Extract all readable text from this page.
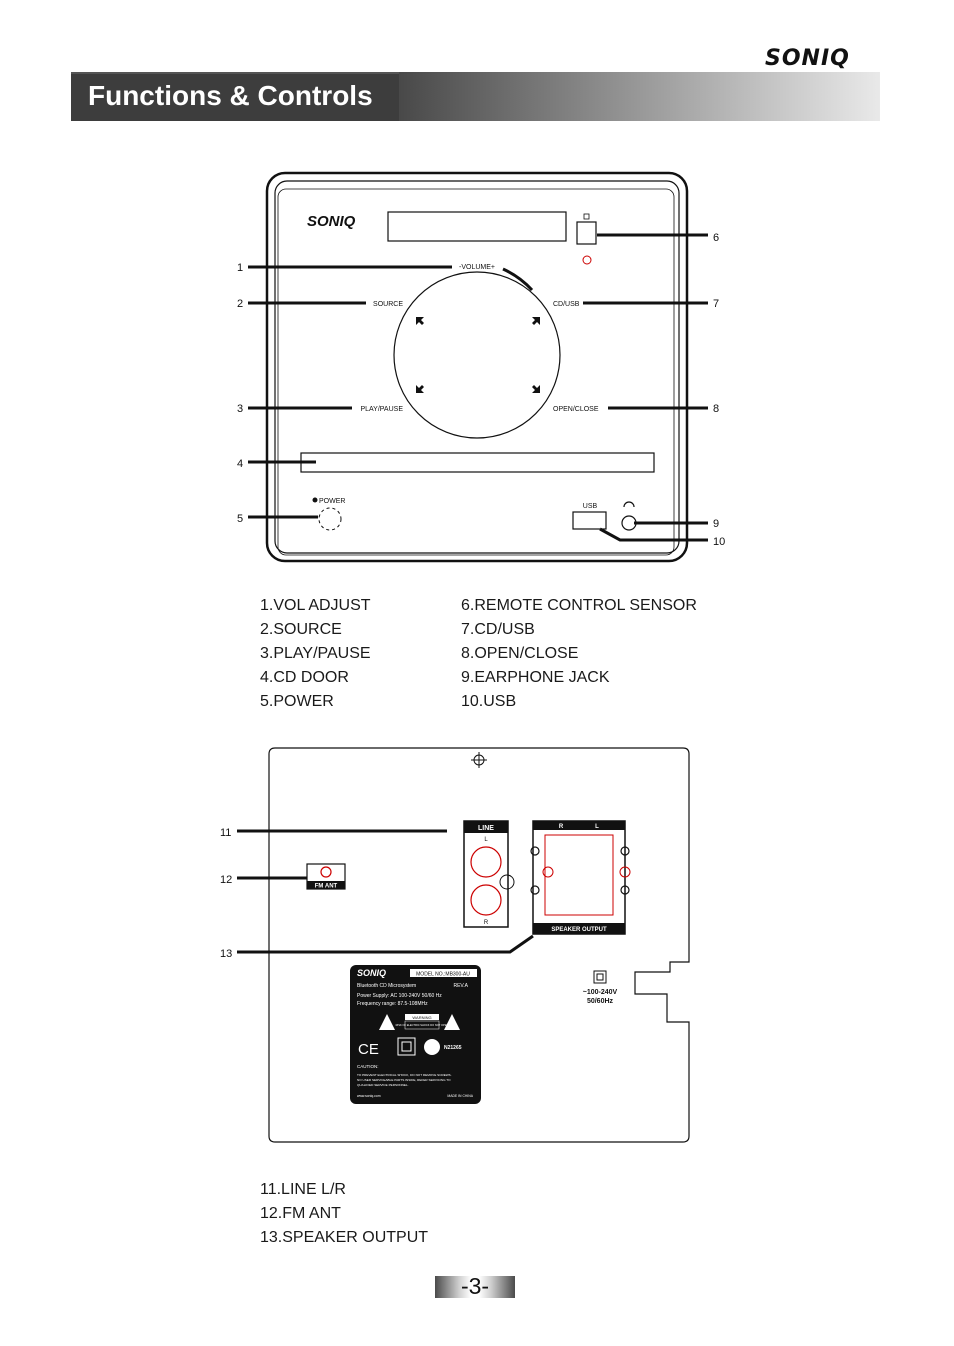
SONIQ
Functions & Controls
SONIQ
-VOLUME+
SOURCE	CD/USB
PLAY/PAUSE	OPEN/CLOSE
POWER
USB
1
2
3
4
5
6
7
8
9
10
1.VOL ADJUST
2.SOURCE
3.PLAY/PAUSE
4.CD DOOR
5.POWER
6.REMOTE CONTROL SENSOR
7.CD/USB
8.OPEN/CLOSE
9.EARPHONE JACK
10.USB
LINE
L
R
R	L
SPEAKER OUTPUT
FM ANT
~100-240V
50/60Hz
SONIQ	MODEL NO.:MB300-AU
Bluetooth CD Microsystem	REV.A
Power Supply: AC 100-240V 50/60 Hz
Frequency range: 87.5-108MHz
WARNING
RISK OF ELECTRIC SHOCK DO NOT OPEN
CE	N21265
CAUTION:
TO PREVENT ELECTRICAL SHOCK, DO NOT REMOVE SCREWS.
NO USER SERVICEABLE PARTS INSIDE, REFER SERVICING TO
QUALIFIED SERVICE PERSONNEL.
www.soniq.com	MADE IN CHINA
11
12
13
11.LINE L/R
12.FM ANT
13.SPEAKER OUTPUT
-3-
